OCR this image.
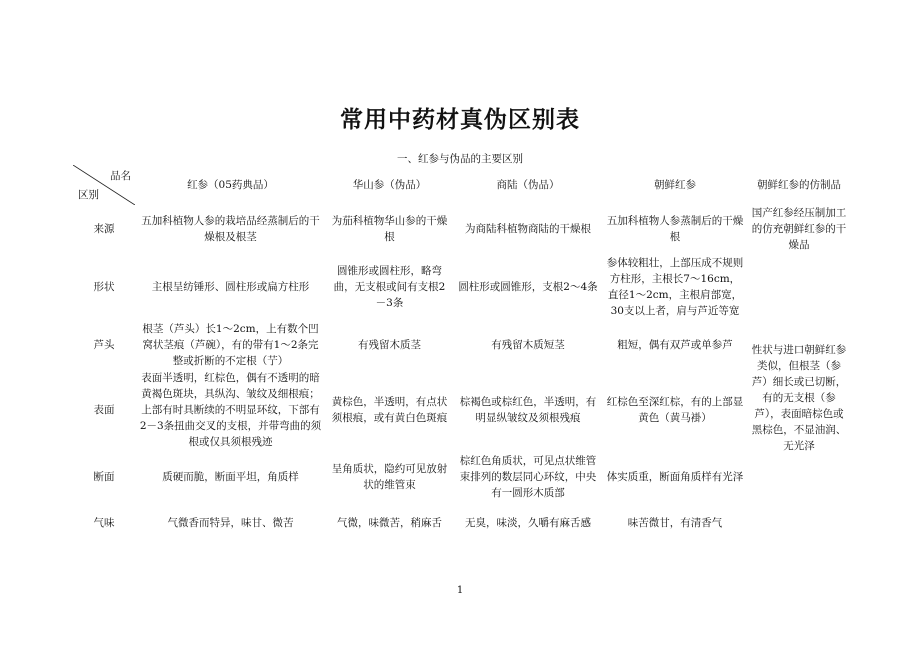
常用中药材真伪区别表
一、红参与伪品的主要区别
品名
区别	红参（05药典品）	华山参（伪品）	商陆（伪品）	朝鲜红参	朝鲜红参的仿制品	
来源	五加科植物人参的栽培品经蒸制后的干燥根及根茎	为茄科植物华山参的干燥根	为商陆科植物商陆的干燥根	五加科植物人参蒸制后的干燥根	国产红参经压制加工的仿充朝鲜红参的干燥品	
形状	主根呈纺锤形、圆柱形或扁方柱形	圆锥形或圆柱形，略弯曲，无支根或间有支根2－3条	圆柱形或圆锥形，支根2～4条	参体较粗壮，上部压成不规则方柱形，主根长7～16cm，直径1～2cm，主根肩部宽，30支以上者，肩与芦近等宽	性状与进口朝鲜红参类似，但根茎（参芦）细长或已切断，有的无支根（参芦），表面暗棕色或黑棕色，不显油润、无光泽	
芦头	根茎（芦头）长1～2cm，上有数个凹窝状茎痕（芦碗），有的带有1～2条完整或折断的不定根（艼）	有残留木质茎	有残留木质短茎	粗短，偶有双芦或单参芦		
表面	表面半透明，红棕色，偶有不透明的暗黄褐色斑块，具纵沟、皱纹及细根痕；上部有时具断续的不明显环纹，下部有2－3条扭曲交叉的支根，并带弯曲的须根或仅具须根残迹	黄棕色，半透明，有点状须根痕，或有黄白色斑痕	棕褐色或棕红色，半透明，有明显纵皱纹及须根残痕	红棕色至深红棕，有的上部显黄色（黄马褂）		
断面	质硬而脆，断面平坦，角质样	呈角质状，隐约可见放射状的维管束	棕红色角质状，可见点状维管束排列的数层同心环纹，中央有一圆形木质部	体实质重，断面角质样有光泽		
气味	气微香而特异，味甘、微苦	气微，味微苦，稍麻舌	无臭，味淡，久嚼有麻舌感	味苦微甘，有清香气		
1
